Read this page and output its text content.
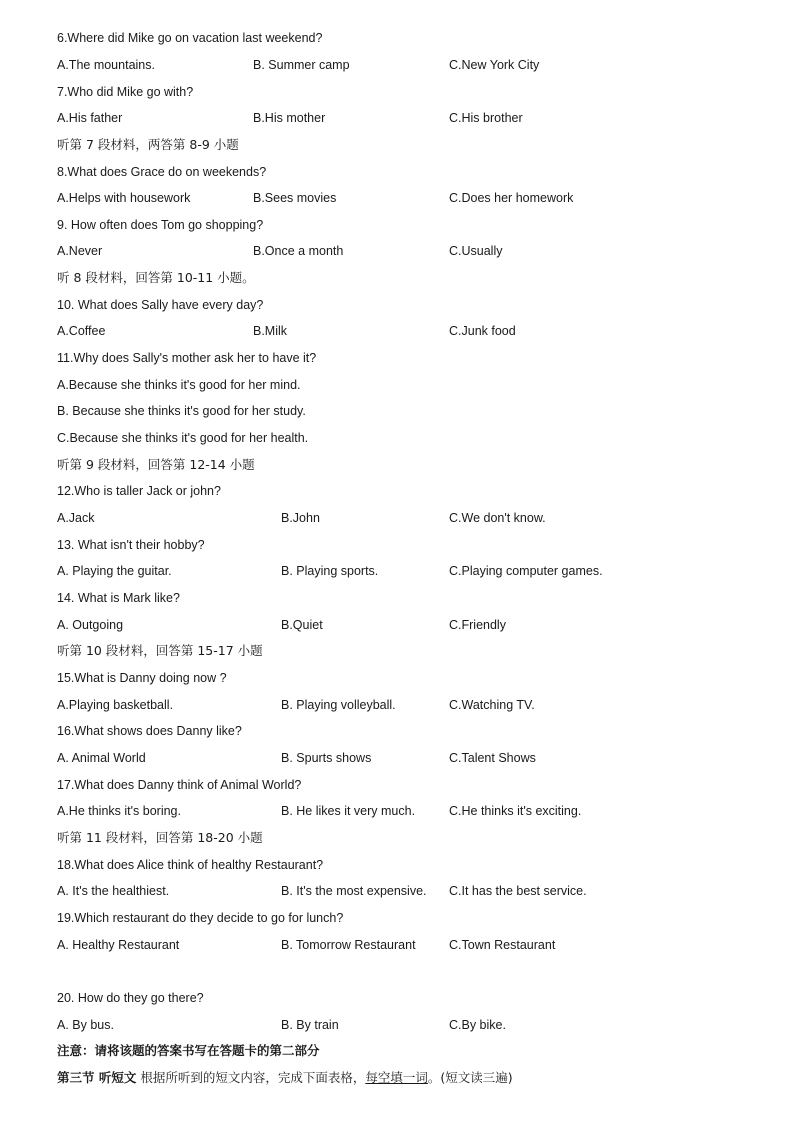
6.Where did Mike go on vacation last weekend?
A.The mountains.	B. Summer camp	C.New York City
7.Who did Mike go with?
A.His father	B.His mother	C.His brother
听第 7 段材料，两答第 8-9 小题
8.What does Grace do on weekends?
A.Helps with housework	B.Sees movies	C.Does her homework
9. How often does Tom go shopping?
A.Never	B.Once a month	C.Usually
听 8 段材料，回答第 10-11 小题。
10. What does Sally have every day?
A.Coffee	B.Milk	C.Junk food
11.Why does Sally's mother ask her to have it?
A.Because she thinks it's good for her mind.
B. Because she thinks it's good for her study.
C.Because she thinks it's good for her health.
听第 9 段材料，回答第 12-14 小题
12.Who is taller Jack or john?
A.Jack	B.John	C.We don't know.
13. What isn't their hobby?
A. Playing the guitar.	B. Playing sports.	C.Playing computer games.
14. What is Mark like?
A. Outgoing	B.Quiet	C.Friendly
听第 10 段材料，回答第 15-17 小题
15.What is Danny doing now ?
A.Playing basketball.	B. Playing volleyball.	C.Watching TV.
16.What shows does Danny like?
A. Animal World	B. Spurts shows	C.Talent Shows
17.What does Danny think of Animal World?
A.He thinks it's boring.	B. He likes it very much.	C.He thinks it's exciting.
听第 11 段材料，回答第 18-20 小题
18.What does Alice think of healthy Restaurant?
A. It's the healthiest.	B. It's the most expensive. C.It has the best service.
19.Which restaurant do they decide to go for lunch?
A. Healthy Restaurant	B. Tomorrow Restaurant	C.Town Restaurant
20. How do they go there?
A. By bus.	B. By train	C.By bike.
注意：请将该题的答案书写在答题卡的第二部分
第三节 听短文 根据所听到的短文内容，完成下面表格，每空填一词。(短文读三遍)
